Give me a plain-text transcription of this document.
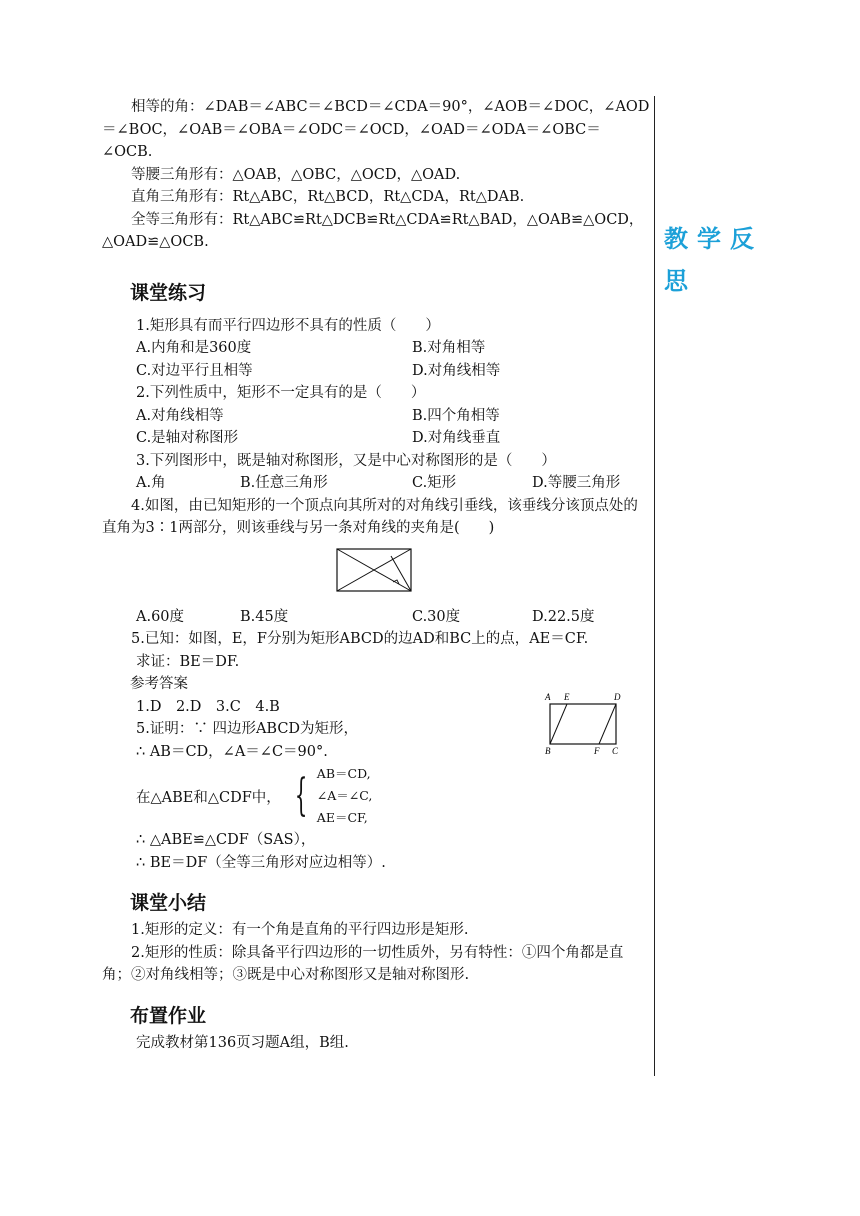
教学反思

相等的角：∠DAB＝∠ABC＝∠BCD＝∠CDA＝90°，∠AOB＝∠DOC，∠AOD＝∠BOC，∠OAB＝∠OBA＝∠ODC＝∠OCD，∠OAD＝∠ODA＝∠OBC＝∠OCB.

等腰三角形有：△OAB，△OBC，△OCD，△OAD.

直角三角形有：Rt△ABC，Rt△BCD，Rt△CDA，Rt△DAB.

全等三角形有：Rt△ABC≌Rt△DCB≌Rt△CDA≌Rt△BAD，△OAB≌△OCD，△OAD≌△OCB.

课堂练习

1.矩形具有而平行四边形不具有的性质（　　）

A.内角和是360度	B.对角相等
C.对边平行且相等	D.对角线相等

2.下列性质中，矩形不一定具有的是（　　）

A.对角线相等	B.四个角相等
C.是轴对称图形	D.对角线垂直

3.下列图形中，既是轴对称图形，又是中心对称图形的是（　　）

A.角	B.任意三角形	C.矩形	D.等腰三角形

4.如图，由已知矩形的一个顶点向其所对的对角线引垂线，该垂线分该顶点处的直角为3∶1两部分，则该垂线与另一条对角线的夹角是(　　)

A.60度	B.45度	C.30度	D.22.5度

5.已知：如图，E，F分别为矩形ABCD的边AD和BC上的点，AE＝CF.

求证：BE＝DF.

参考答案

1.D　2.D　3.C　4.B

5.证明：∵ 四边形ABCD为矩形，

∴ AB＝CD，∠A＝∠C＝90°.

在△ABE和△CDF中， { AB＝CD,
∠A＝∠C,
AE＝CF,

∴ △ABE≌△CDF（SAS），

∴ BE＝DF（全等三角形对应边相等）.

课堂小结

1.矩形的定义：有一个角是直角的平行四边形是矩形.

2.矩形的性质：除具备平行四边形的一切性质外，另有特性：①四个角都是直角；②对角线相等；③既是中心对称图形又是轴对称图形.

布置作业

完成教材第136页习题A组，B组.

A E	D
B	F C
